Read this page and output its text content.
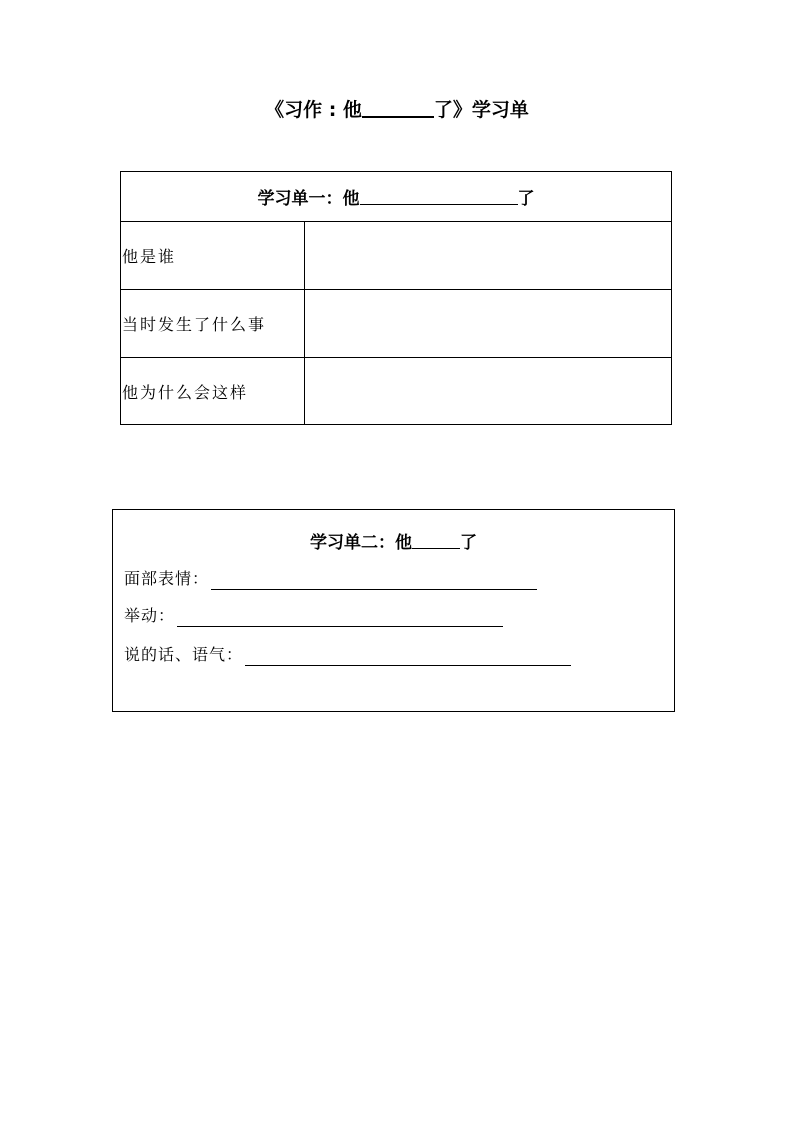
《习作 : 他	了》学习单
学习单一：他	了
他是谁
当时发生了什么事
他为什么会这样
学习单二：他	了
面部表情：
举动：
说的话、语气：
